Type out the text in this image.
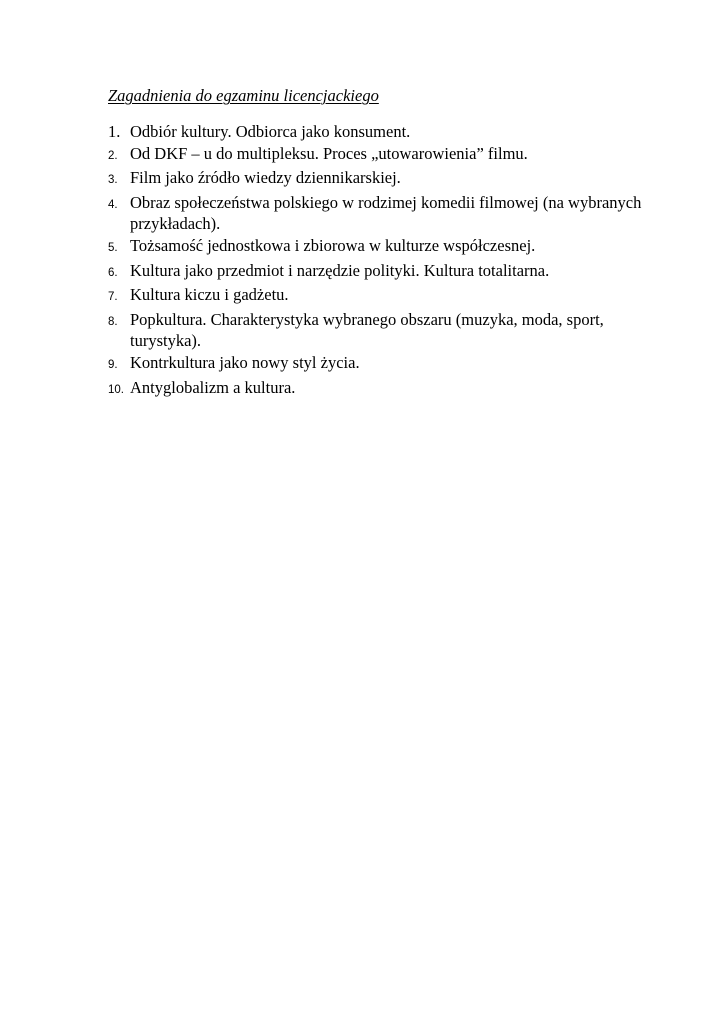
Zagadnienia do egzaminu licencjackiego
1. Odbiór kultury. Odbiorca jako konsument.
2. Od DKF – u do multipleksu. Proces „utowarowienia” filmu.
3. Film jako źródło wiedzy dziennikarskiej.
4. Obraz społeczeństwa polskiego w rodzimej komedii filmowej (na wybranych przykładach).
5. Tożsamość jednostkowa i zbiorowa w kulturze współczesnej.
6. Kultura jako przedmiot i narzędzie polityki. Kultura totalitarna.
7. Kultura kiczu i gadżetu.
8. Popkultura. Charakterystyka wybranego obszaru (muzyka, moda, sport, turystyka).
9. Kontrkultura jako nowy styl życia.
10. Antyglobalizm a kultura.
